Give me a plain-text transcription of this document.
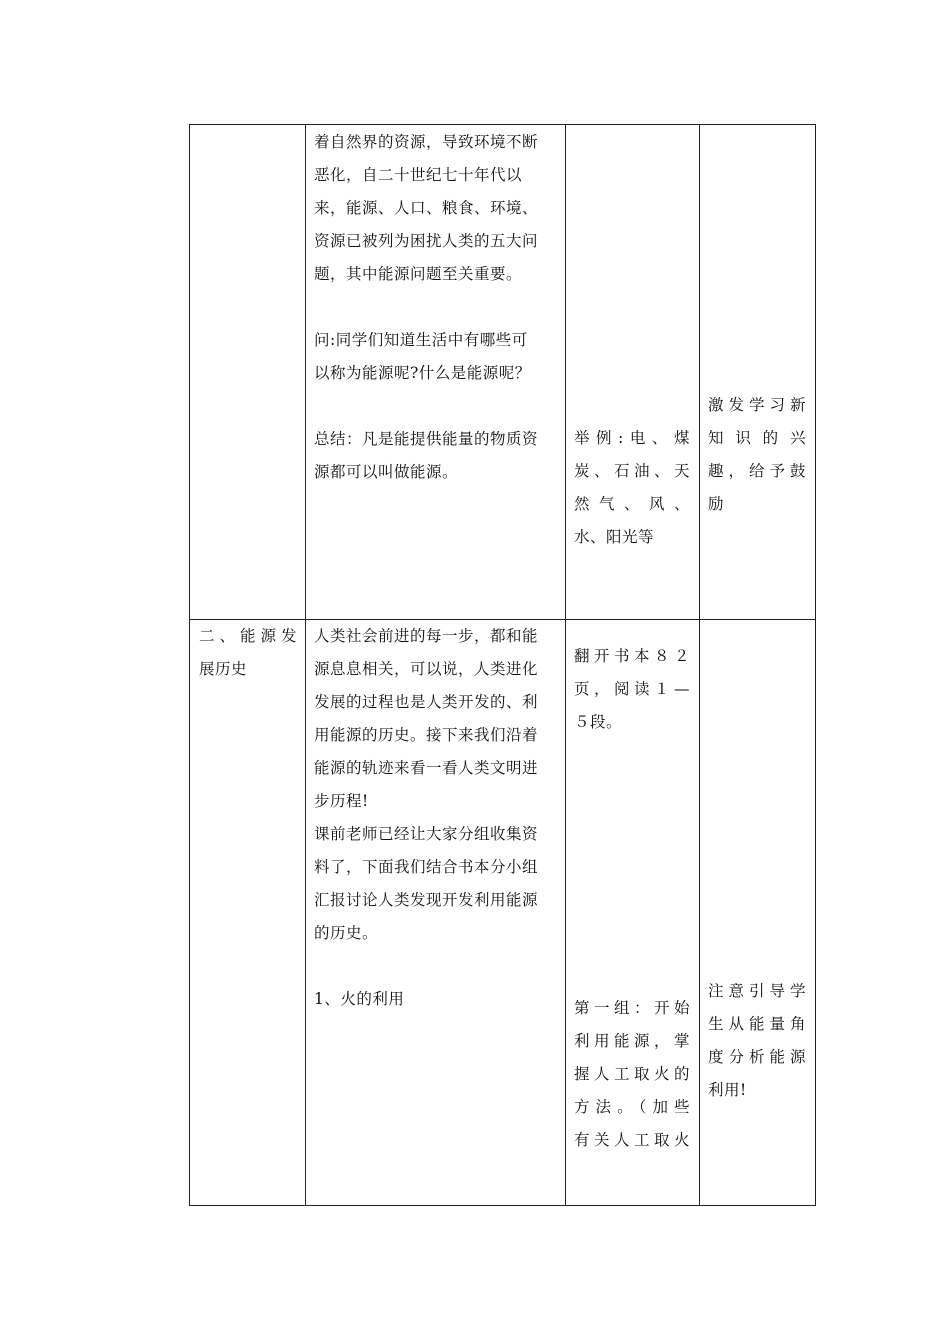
着自然界的资源，导致环境不断

恶化，自二十世纪七十年代以

来，能源、人口、粮食、环境、

资源已被列为困扰人类的五大问

题，其中能源问题至关重要。

问:同学们知道生活中有哪些可

以称为能源呢?什么是能源呢？

总结：凡是能提供能量的物质资

源都可以叫做能源。

举例:电、煤

炭、石油、天

然气、风、

水、阳光等

激发学习新

知识的兴

趣，给予鼓

励

二、能源发

展历史

人类社会前进的每一步，都和能

源息息相关，可以说，人类进化

发展的过程也是人类开发的、利

用能源的历史。接下来我们沿着

能源的轨迹来看一看人类文明进

步历程!

课前老师已经让大家分组收集资

料了，下面我们结合书本分小组

汇报讨论人类发现开发利用能源

的历史。

1、火的利用

翻开书本８２

页，阅读１—

５段。

第一组：开始

利用能源，掌

握人工取火的

方法。（加些

有关人工取火

注意引导学

生从能量角

度分析能源

利用!
